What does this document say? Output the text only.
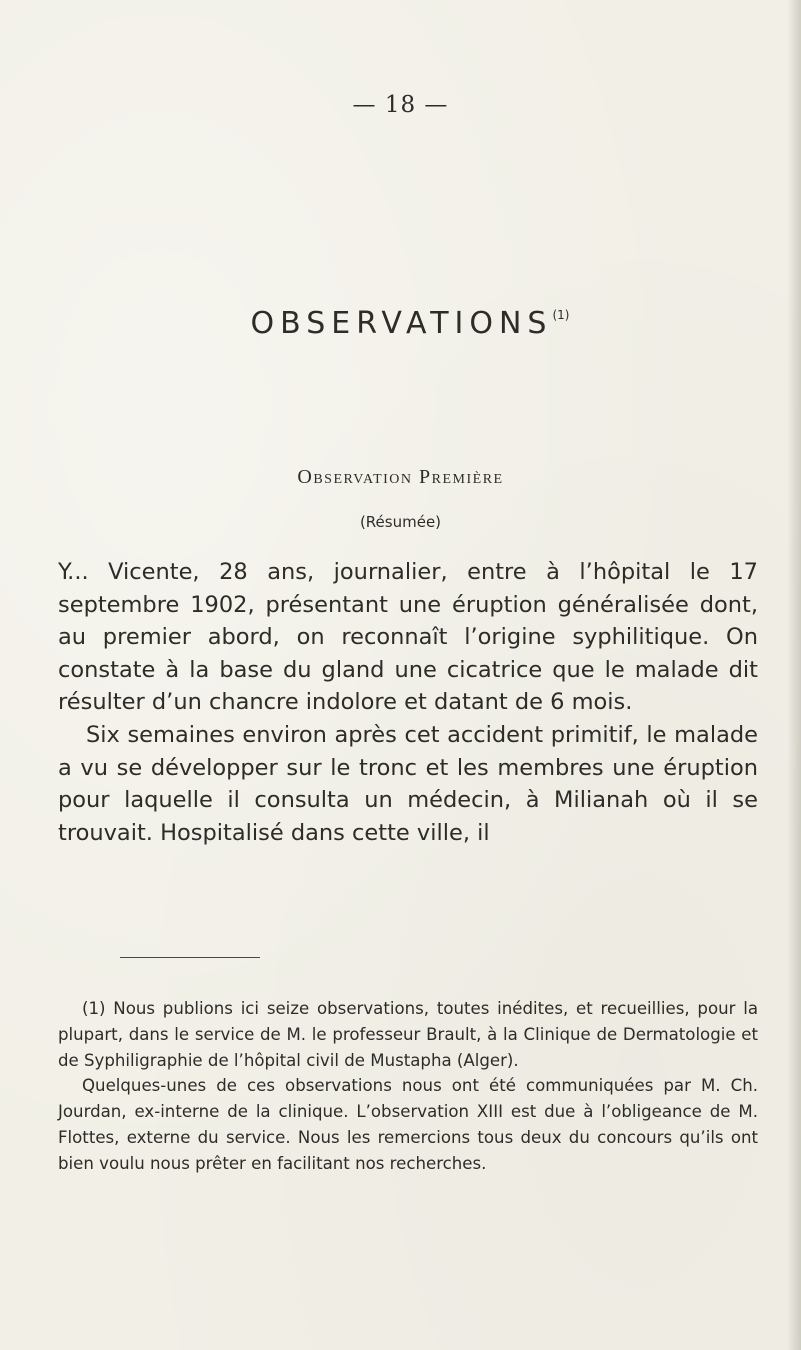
— 18 —
OBSERVATIONS$^{(1)}$
Observation Première
(Résumée)

Y... Vicente, 28 ans, journalier, entre à l’hôpital le 17 septembre 1902, présentant une éruption généralisée dont, au premier abord, on reconnaît l’origine syphilitique. On constate à la base du gland une cicatrice que le malade dit résulter d’un chancre indolore et datant de 6 mois.

Six semaines environ après cet accident primitif, le malade a vu se développer sur le tronc et les membres une éruption pour laquelle il consulta un médecin, à Milianah où il se trouvait. Hospitalisé dans cette ville, il

(1) Nous publions ici seize observations, toutes inédites, et recueillies, pour la plupart, dans le service de M. le professeur Brault, à la Clinique de Dermatologie et de Syphiligraphie de l’hôpital civil de Mustapha (Alger).

Quelques-unes de ces observations nous ont été communiquées par M. Ch. Jourdan, ex-interne de la clinique. L’observation XIII est due à l’obligeance de M. Flottes, externe du service. Nous les remercions tous deux du concours qu’ils ont bien voulu nous prêter en facilitant nos recherches.
